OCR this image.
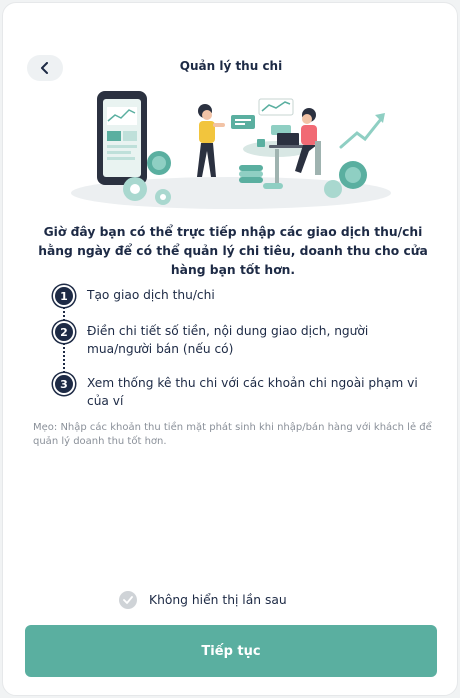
Quản lý thu chi
Giờ đây bạn có thể trực tiếp nhập các giao dịch thu/chi hằng ngày để có thể quản lý chi tiêu, doanh thu cho cửa hàng bạn tốt hơn.
1	Tạo giao dịch thu/chi
2	Điền chi tiết số tiền, nội dung giao dịch, người mua/người bán (nếu có)
3	Xem thống kê thu chi với các khoản chi ngoài phạm vi của ví
Mẹo: Nhập các khoản thu tiền mặt phát sinh khi nhập/bán hàng với khách lẻ để quản lý doanh thu tốt hơn.
Không hiển thị lần sau
Tiếp tục
